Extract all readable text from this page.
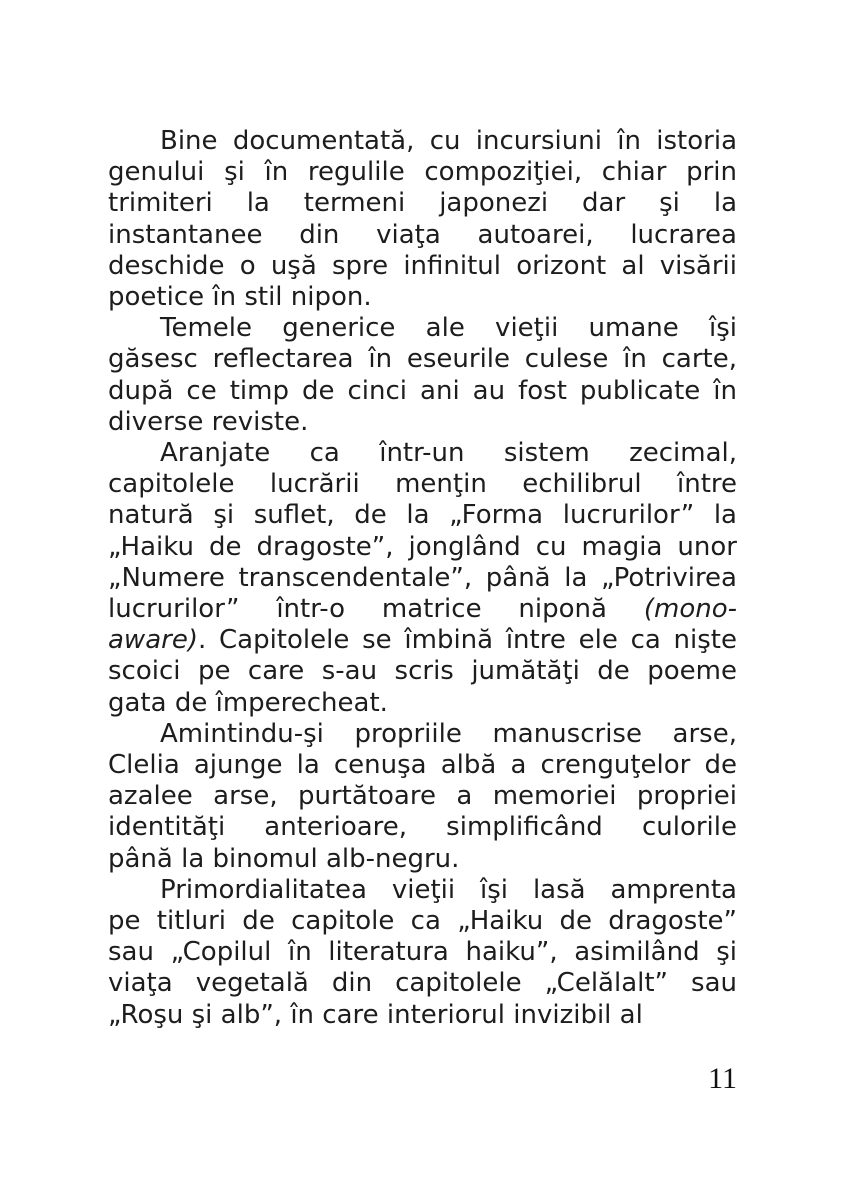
Bine documentată, cu incursiuni în istoria
genului şi în regulile compoziţiei, chiar prin
trimiteri la termeni japonezi dar şi la
instantanee din viaţa autoarei, lucrarea
deschide o uşă spre infinitul orizont al visării
poetice în stil nipon.

Temele generice ale vieţii umane îşi
găsesc reflectarea în eseurile culese în carte,
după ce timp de cinci ani au fost publicate în
diverse reviste.

Aranjate ca într-un sistem zecimal,
capitolele lucrării menţin echilibrul între
natură şi suflet, de la „Forma lucrurilor” la
„Haiku de dragoste”, jonglând cu magia unor
„Numere transcendentale”, până la „Potrivirea
lucrurilor” într-o matrice niponă (mono-
aware). Capitolele se îmbină între ele ca nişte
scoici pe care s-au scris jumătăţi de poeme
gata de împerecheat.

Amintindu-şi propriile manuscrise arse,
Clelia ajunge la cenuşa albă a crenguţelor de
azalee arse, purtătoare a memoriei propriei
identităţi anterioare, simplificând culorile
până la binomul alb-negru.

Primordialitatea vieţii îşi lasă amprenta
pe titluri de capitole ca „Haiku de dragoste”
sau „Copilul în literatura haiku”, asimilând şi
viaţa vegetală din capitolele „Celălalt” sau
„Roşu şi alb”, în care interiorul invizibil al

11
